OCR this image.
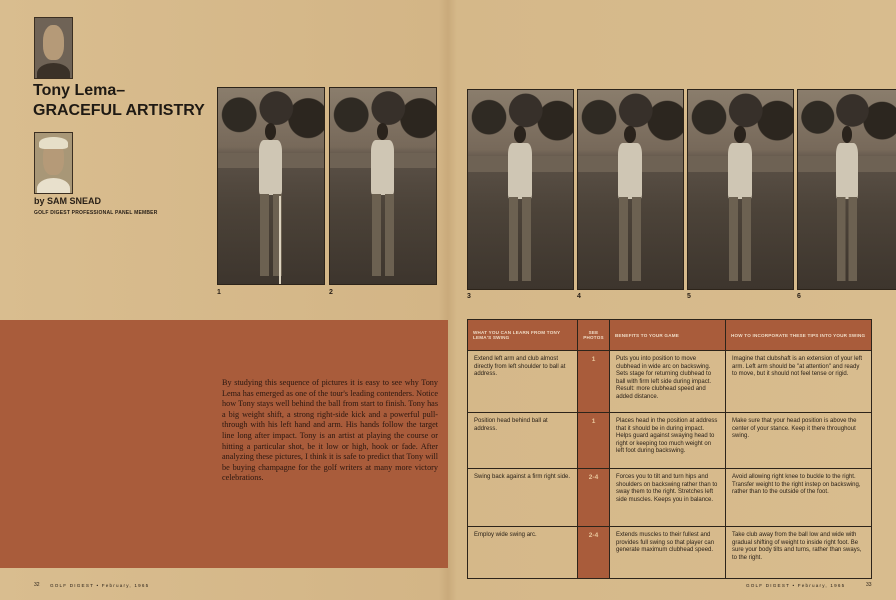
Tony Lema–
GRACEFUL ARTISTRY
by SAM SNEAD
GOLF DIGEST PROFESSIONAL PANEL MEMBER
1	2
3	4	5	6

By studying this sequence of pictures it is easy to see why Tony Lema has emerged as one of the tour's leading contenders. Notice how Tony stays well behind the ball from start to finish. Tony has a big weight shift, a strong right-side kick and a powerful pull-through with his left hand and arm. His hands follow the target line long after impact. Tony is an artist at playing the course or hitting a particular shot, be it low or high, hook or fade. After analyzing these pictures, I think it is safe to predict that Tony will be buying champagne for the golf writers at many more victory celebrations.

WHAT YOU CAN LEARN FROM TONY LEMA'S SWING	SEE PHOTOS	BENEFITS TO YOUR GAME	HOW TO INCORPORATE THESE TIPS INTO YOUR SWING
Extend left arm and club almost directly from left shoulder to ball at address.	1	Puts you into position to move clubhead in wide arc on backswing. Sets stage for returning clubhead to ball with firm left side during impact. Result: more clubhead speed and added distance.	Imagine that clubshaft is an extension of your left arm. Left arm should be "at attention" and ready to move, but it should not feel tense or rigid.
Position head behind ball at address.	1	Places head in the position at address that it should be in during impact. Helps guard against swaying head to right or keeping too much weight on left foot during backswing.	Make sure that your head position is above the center of your stance. Keep it there throughout swing.
Swing back against a firm right side.	2-4	Forces you to tilt and turn hips and shoulders on backswing rather than to sway them to the right. Stretches left side muscles. Keeps you in balance.	Avoid allowing right knee to buckle to the right. Transfer weight to the right instep on backswing, rather than to the outside of the foot.
Employ wide swing arc.	2-4	Extends muscles to their fullest and provides full swing so that player can generate maximum clubhead speed.	Take club away from the ball low and wide with gradual shifting of weight to inside right foot. Be sure your body tilts and turns, rather than sways, to the right.
32 GOLF DIGEST • February, 1965	GOLF DIGEST • February, 1965	33
